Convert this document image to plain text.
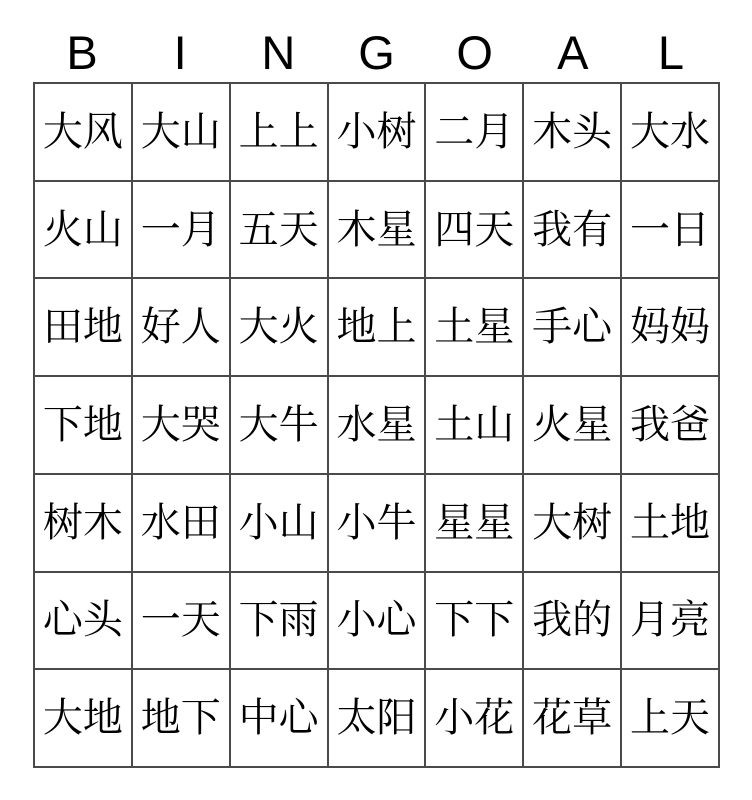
B I N G O A L
大风	大山	上上	小树	二月	木头	大水
火山	一月	五天	木星	四天	我有	一日
田地	好人	大火	地上	土星	手心	妈妈
下地	大哭	大牛	水星	土山	火星	我爸
树木	水田	小山	小牛	星星	大树	土地
心头	一天	下雨	小心	下下	我的	月亮
大地	地下	中心	太阳	小花	花草	上天
